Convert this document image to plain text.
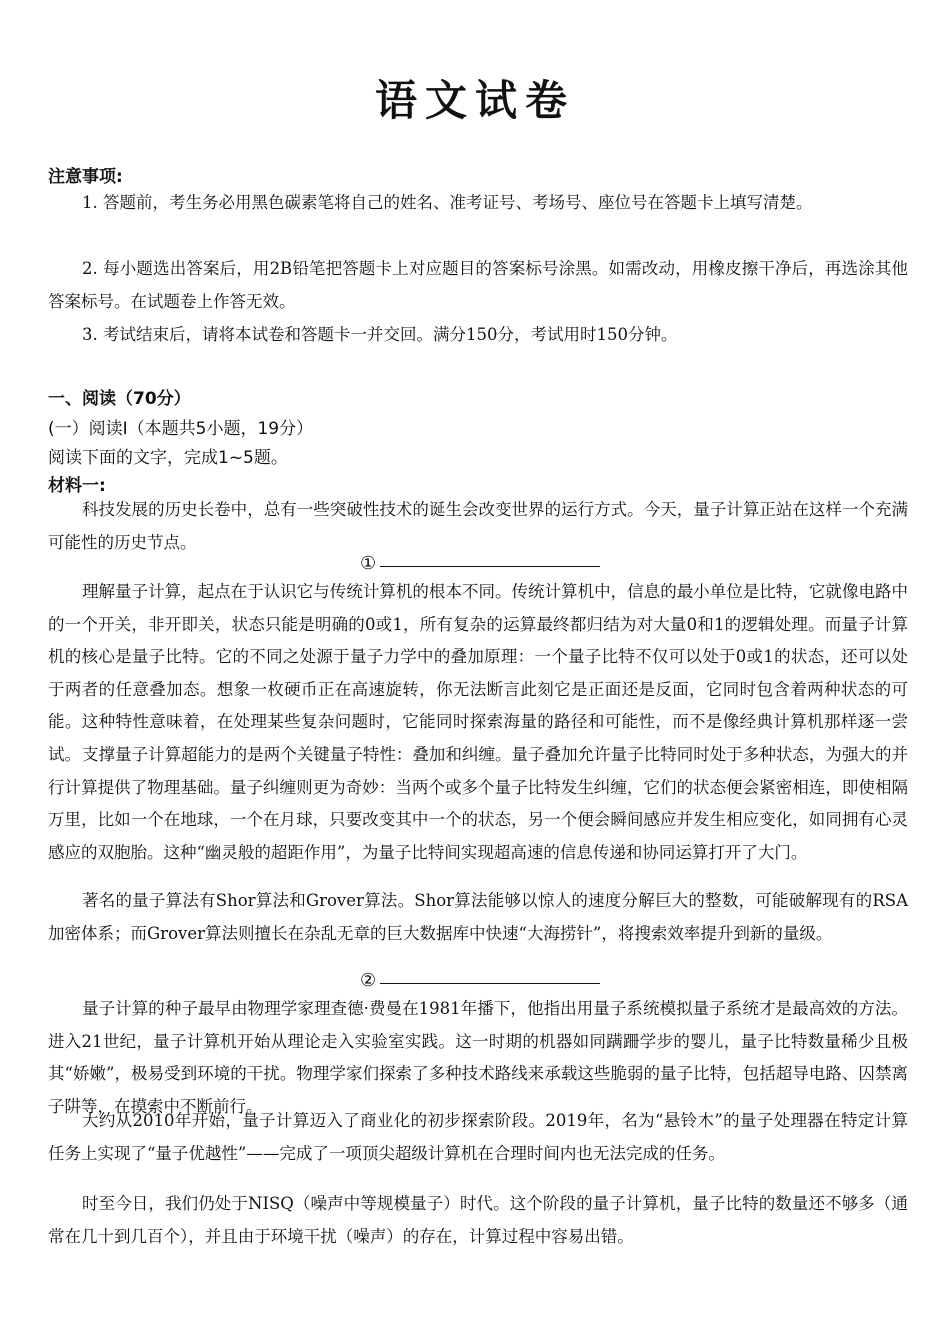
语文试卷
注意事项:
1. 答题前，考生务必用黑色碳素笔将自己的姓名、准考证号、考场号、座位号在答题卡上填写清楚。
2. 每小题选出答案后，用2B铅笔把答题卡上对应题目的答案标号涂黑。如需改动，用橡皮擦干净后，再选涂其他答案标号。在试题卷上作答无效。
3. 考试结束后，请将本试卷和答题卡一并交回。满分150分，考试用时150分钟。
一、阅读（70分）
(一）阅读Ⅰ（本题共5小题，19分）
阅读下面的文字，完成1~5题。
材料一:
科技发展的历史长卷中，总有一些突破性技术的诞生会改变世界的运行方式。今天，量子计算正站在这样一个充满可能性的历史节点。
①
理解量子计算，起点在于认识它与传统计算机的根本不同。传统计算机中，信息的最小单位是比特，它就像电路中的一个开关，非开即关，状态只能是明确的0或1，所有复杂的运算最终都归结为对大量0和1的逻辑处理。而量子计算机的核心是量子比特。它的不同之处源于量子力学中的叠加原理：一个量子比特不仅可以处于0或1的状态，还可以处于两者的任意叠加态。想象一枚硬币正在高速旋转，你无法断言此刻它是正面还是反面，它同时包含着两种状态的可能。这种特性意味着，在处理某些复杂问题时，它能同时探索海量的路径和可能性，而不是像经典计算机那样逐一尝试。 支撑量子计算超能力的是两个关键量子特性：叠加和纠缠。量子叠加允许量子比特同时处于多种状态，为强大的并行计算提供了物理基础。量子纠缠则更为奇妙：当两个或多个量子比特发生纠缠，它们的状态便会紧密相连，即使相隔万里，比如一个在地球，一个在月球，只要改变其中一个的状态，另一个便会瞬间感应并发生相应变化，如同拥有心灵感应的双胞胎。这种“幽灵般的超距作用”，为量子比特间实现超高速的信息传递和协同运算打开了大门。
著名的量子算法有Shor算法和Grover算法。Shor算法能够以惊人的速度分解巨大的整数，可能破解现有的RSA加密体系；而Grover算法则擅长在杂乱无章的巨大数据库中快速“大海捞针”，将搜索效率提升到新的量级。
②
量子计算的种子最早由物理学家理查德·费曼在1981年播下，他指出用量子系统模拟量子系统才是最高效的方法。进入21世纪，量子计算机开始从理论走入实验室实践。这一时期的机器如同蹒跚学步的婴儿，量子比特数量稀少且极其“娇嫩”，极易受到环境的干扰。物理学家们探索了多种技术路线来承载这些脆弱的量子比特，包括超导电路、囚禁离子阱等，在摸索中不断前行。
大约从2010年开始，量子计算迈入了商业化的初步探索阶段。2019年，名为“悬铃木”的量子处理器在特定计算任务上实现了“量子优越性”——完成了一项顶尖超级计算机在合理时间内也无法完成的任务。
时至今日，我们仍处于NISQ（噪声中等规模量子）时代。这个阶段的量子计算机，量子比特的数量还不够多（通常在几十到几百个），并且由于环境干扰（噪声）的存在，计算过程中容易出错。
